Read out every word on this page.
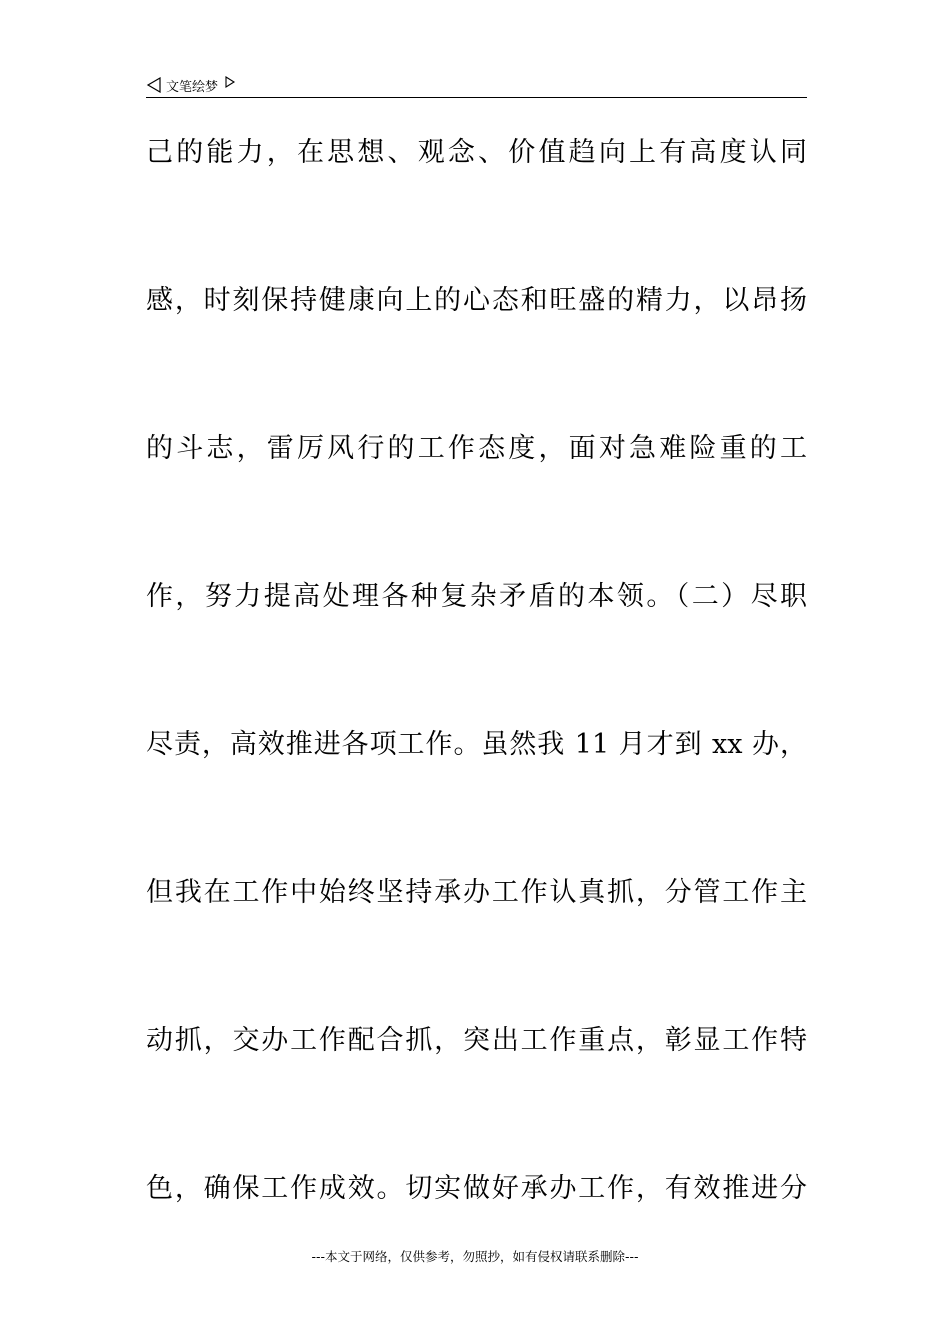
文笔绘梦
己的能力，在思想、观念、价值趋向上有高度认同
感，时刻保持健康向上的心态和旺盛的精力，以昂扬
的斗志，雷厉风行的工作态度，面对急难险重的工
作，努力提高处理各种复杂矛盾的本领。（二）尽职
尽责，高效推进各项工作。虽然我 11 月才到 xx 办，
但我在工作中始终坚持承办工作认真抓，分管工作主
动抓，交办工作配合抓，突出工作重点，彰显工作特
色，确保工作成效。切实做好承办工作，有效推进分
---本文于网络，仅供参考，勿照抄，如有侵权请联系删除---
